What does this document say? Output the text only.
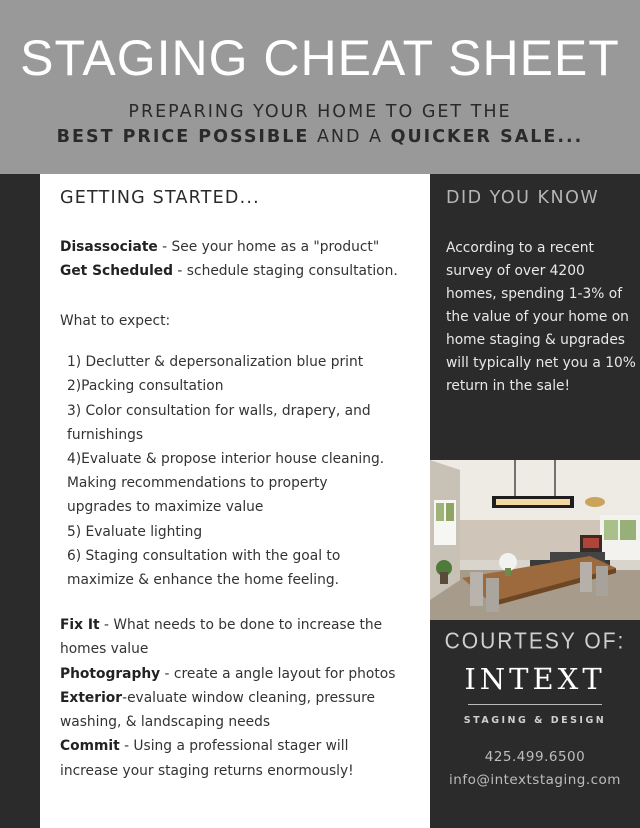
STAGING CHEAT SHEET
PREPARING YOUR HOME TO GET THE
BEST PRICE POSSIBLE AND A QUICKER SALE...
GETTING STARTED...
Disassociate - See your home as a "product"
Get Scheduled - schedule staging consultation.
What to expect:
1) Declutter & depersonalization blue print
2)Packing consultation
3) Color consultation for walls, drapery, and
furnishings
4)Evaluate & propose interior house cleaning.
Making recommendations to property
upgrades to maximize value
5) Evaluate lighting
6) Staging consultation with the goal to
maximize & enhance the home feeling.
Fix It - What needs to be done to increase the
homes value
Photography - create a angle layout for photos
Exterior-evaluate window cleaning, pressure
washing, & landscaping needs
Commit - Using a professional stager will
increase your staging returns enormously!
DID YOU KNOW
According to a recent survey of over 4200 homes, spending 1-3% of the value of your home on home staging & upgrades will typically net you a 10% return in the sale!
COURTESY OF:
INTEXT
STAGING & DESIGN
425.499.6500
info@intextstaging.com
